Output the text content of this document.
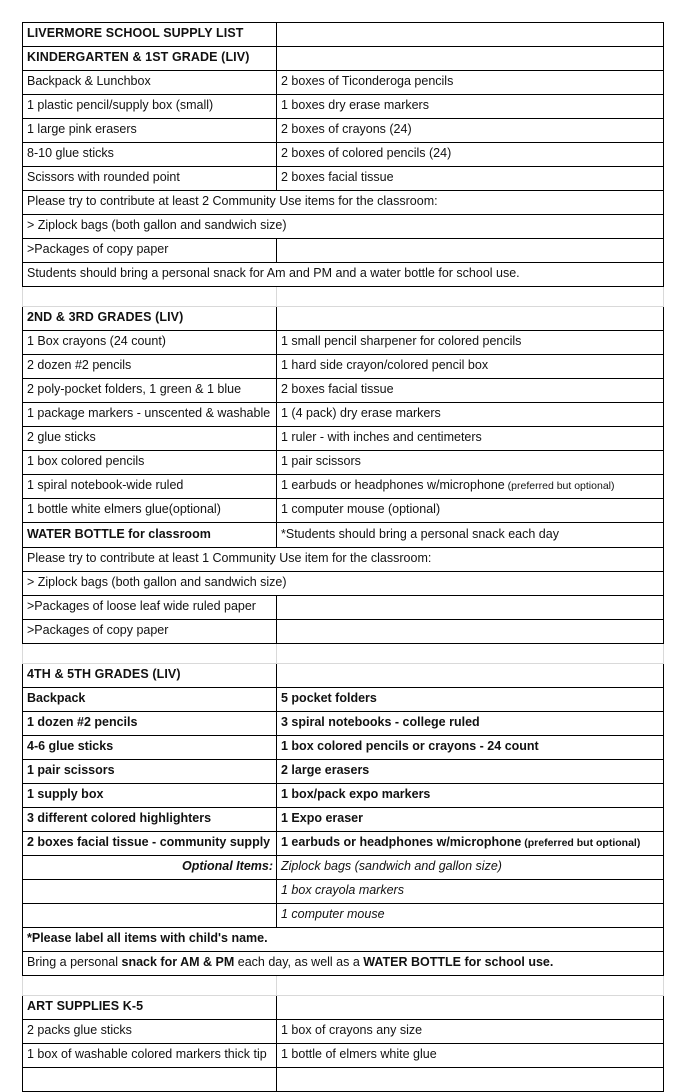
LIVERMORE SCHOOL SUPPLY LIST	
KINDERGARTEN & 1ST GRADE (LIV)	
Backpack & Lunchbox	2 boxes of Ticonderoga pencils
1 plastic pencil/supply box (small)	1 boxes dry erase markers
1 large pink erasers	2 boxes of crayons (24)
8-10 glue sticks	2 boxes of colored pencils (24)
Scissors with rounded point	2 boxes facial tissue
Please try to contribute at least 2 Community Use items for the classroom:	
> Ziplock bags (both gallon and sandwich size)	
>Packages of copy paper	
Students should bring a personal snack for Am and PM and a water bottle for school use.	

2ND & 3RD GRADES (LIV)	
1 Box crayons (24 count)	1 small pencil sharpener for colored pencils
2 dozen #2 pencils	1 hard side crayon/colored pencil box
2 poly-pocket folders, 1 green & 1 blue	2 boxes facial tissue
1 package markers - unscented & washable	1 (4 pack) dry erase markers
2 glue sticks	1 ruler - with inches and centimeters
1 box colored pencils	1 pair scissors
1 spiral notebook-wide ruled	1 earbuds or headphones w/microphone (preferred but optional)
1 bottle white elmers glue(optional)	1 computer mouse (optional)
WATER BOTTLE for classroom	*Students should bring a personal snack each day
Please try to contribute at least 1 Community Use item for the classroom:	
> Ziplock bags (both gallon and sandwich size)	
>Packages of loose leaf wide ruled paper	
>Packages of copy paper	

4TH & 5TH GRADES (LIV)	
Backpack	5 pocket folders
1 dozen #2 pencils	3 spiral notebooks - college ruled
4-6 glue sticks	1 box colored pencils or crayons - 24 count
1 pair scissors	2 large erasers
1 supply box	1 box/pack expo markers
3 different colored highlighters	1 Expo eraser
2 boxes facial tissue - community supply	1 earbuds or headphones w/microphone (preferred but optional)
Optional Items:	Ziplock bags (sandwich and gallon size)
	1 box crayola markers
	1 computer mouse
*Please label all items with child's name.	
Bring a personal snack for AM & PM each day, as well as a WATER BOTTLE for school use.	

ART SUPPLIES K-5	
2 packs glue sticks	1 box of crayons any size
1 box of washable colored markers thick tip	1 bottle of elmers white glue
